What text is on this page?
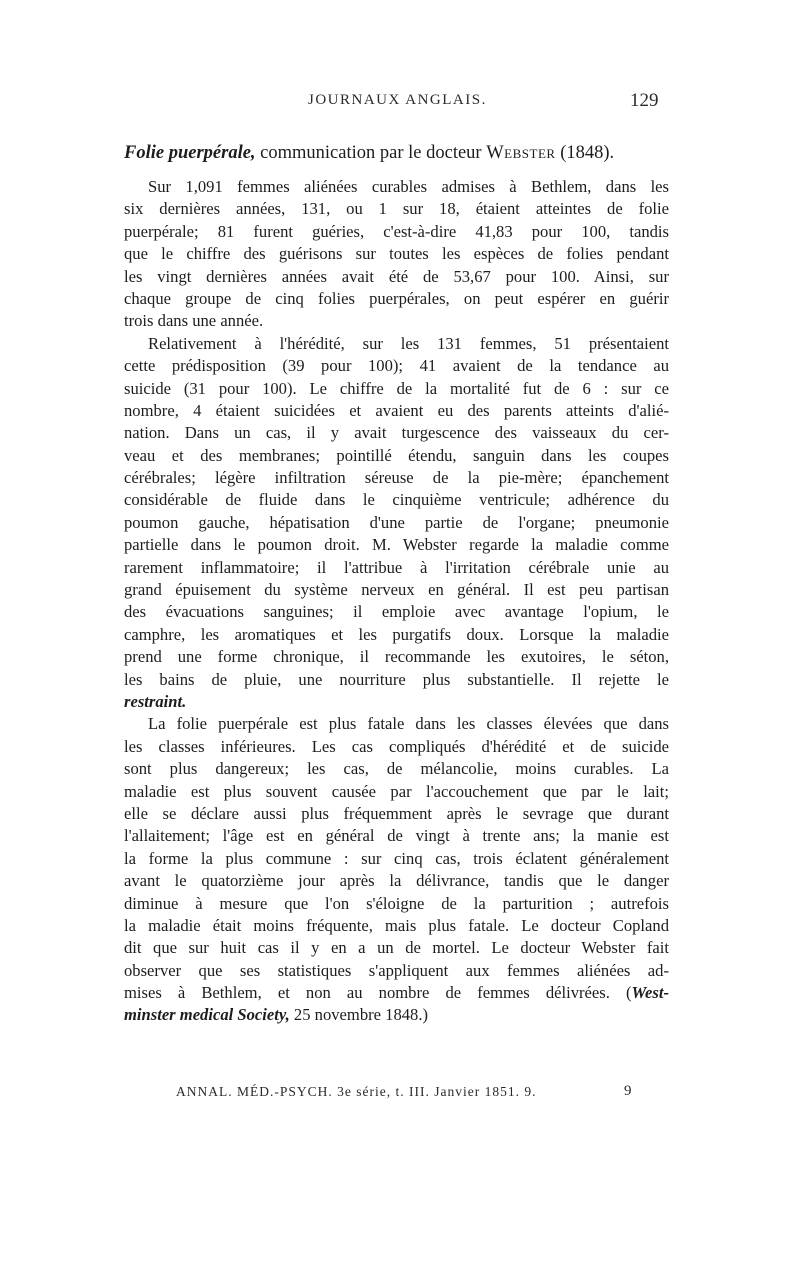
JOURNAUX ANGLAIS.	129
Folie puerpérale, communication par le docteur Webster (1848).
Sur 1,091 femmes aliénées curables admises à Bethlem, dans les
six dernières années, 131, ou 1 sur 18, étaient atteintes de folie
puerpérale; 81 furent guéries, c'est-à-dire 41,83 pour 100, tandis
que le chiffre des guérisons sur toutes les espèces de folies pendant
les vingt dernières années avait été de 53,67 pour 100. Ainsi, sur
chaque groupe de cinq folies puerpérales, on peut espérer en guérir
trois dans une année.
Relativement à l'hérédité, sur les 131 femmes, 51 présentaient
cette prédisposition (39 pour 100); 41 avaient de la tendance au
suicide (31 pour 100). Le chiffre de la mortalité fut de 6 : sur ce
nombre, 4 étaient suicidées et avaient eu des parents atteints d'alié-
nation. Dans un cas, il y avait turgescence des vaisseaux du cer-
veau et des membranes; pointillé étendu, sanguin dans les coupes
cérébrales; légère infiltration séreuse de la pie-mère; épanchement
considérable de fluide dans le cinquième ventricule; adhérence du
poumon gauche, hépatisation d'une partie de l'organe; pneumonie
partielle dans le poumon droit. M. Webster regarde la maladie comme
rarement inflammatoire; il l'attribue à l'irritation cérébrale unie au
grand épuisement du système nerveux en général. Il est peu partisan
des évacuations sanguines; il emploie avec avantage l'opium, le
camphre, les aromatiques et les purgatifs doux. Lorsque la maladie
prend une forme chronique, il recommande les exutoires, le séton,
les bains de pluie, une nourriture plus substantielle. Il rejette le
restraint.
La folie puerpérale est plus fatale dans les classes élevées que dans
les classes inférieures. Les cas compliqués d'hérédité et de suicide
sont plus dangereux; les cas, de mélancolie, moins curables. La
maladie est plus souvent causée par l'accouchement que par le lait;
elle se déclare aussi plus fréquemment après le sevrage que durant
l'allaitement; l'âge est en général de vingt à trente ans; la manie est
la forme la plus commune : sur cinq cas, trois éclatent généralement
avant le quatorzième jour après la délivrance, tandis que le danger
diminue à mesure que l'on s'éloigne de la parturition ; autrefois
la maladie était moins fréquente, mais plus fatale. Le docteur Copland
dit que sur huit cas il y en a un de mortel. Le docteur Webster fait
observer que ses statistiques s'appliquent aux femmes aliénées ad-
mises à Bethlem, et non au nombre de femmes délivrées. (West-
minster medical Society, 25 novembre 1848.)
ANNAL. MÉD.-PSYCH. 3e série, t. III. Janvier 1851. 9.	9
